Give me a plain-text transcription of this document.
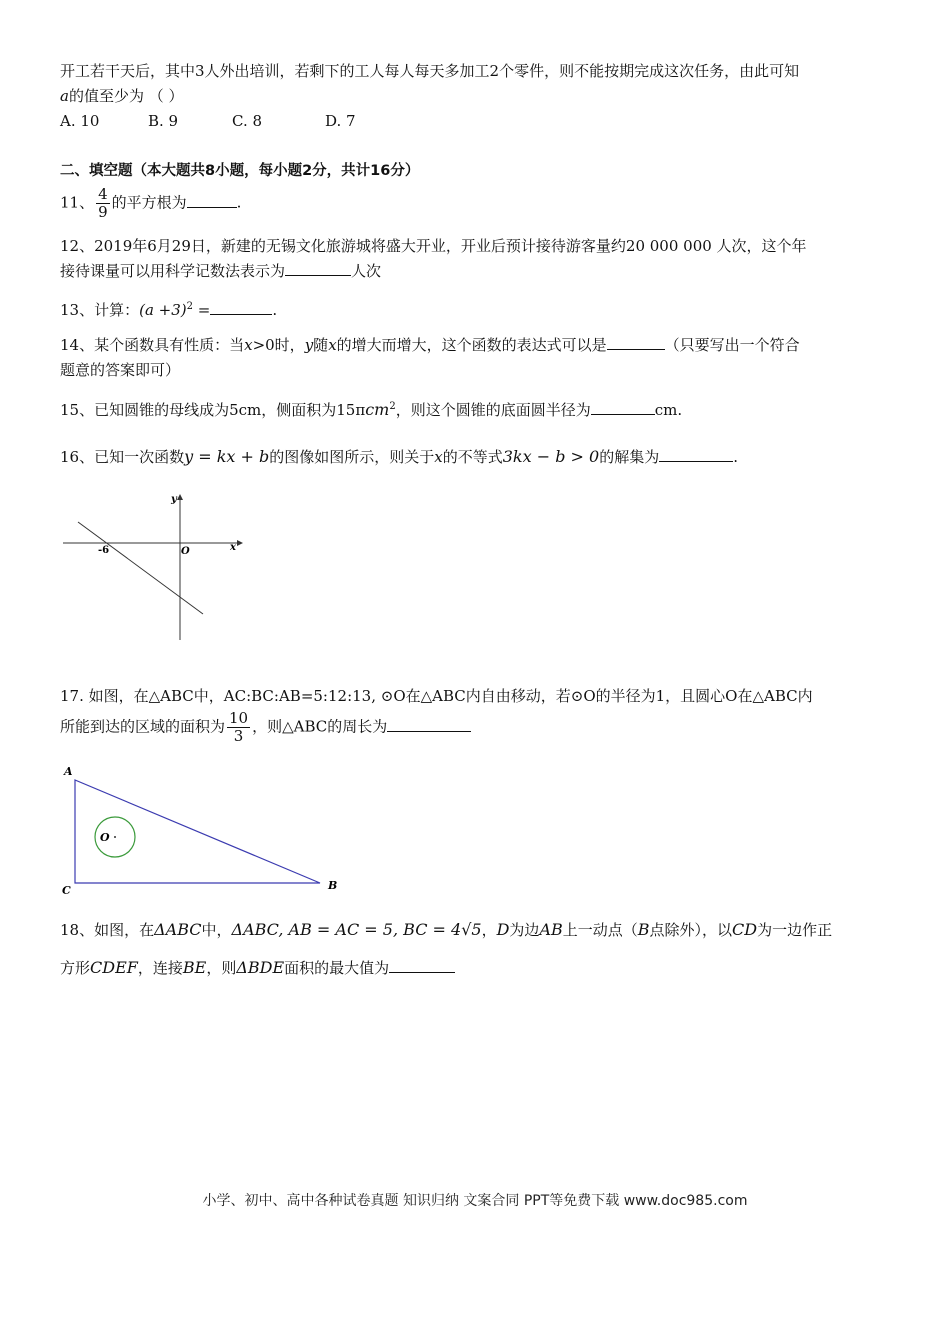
开工若干天后，其中3人外出培训，若剩下的工人每人每天多加工2个零件，则不能按期完成这次任务，由此可知
a的值至少为 （ ）
A. 10	B. 9	C. 8	D. 7
二、填空题（本大题共8小题，每小题2分，共计16分）
11、 $\frac{4}{9}$ 的平方根为	.
12、2019年6月29日，新建的无锡文化旅游城将盛大开业，开业后预计接待游客量约20 000 000 人次，这个年
接待课量可以用科学记数法表示为	人次
13、计算：$(a +3)^2$ =	.
14、某个函数具有性质：当x>0时，y随x的增大而增大，这个函数的表达式可以是	（只要写出一个符合
题意的答案即可）
15、已知圆锥的母线成为5cm，侧面积为15πcm$^2$，则这个圆锥的底面圆半径为	cm.
16、已知一次函数y = kx + b的图像如图所示，则关于x的不等式3kx − b > 0的解集为	.
x
y
O
-6
17. 如图，在△ABC中，AC:BC:AB=5:12:13, ⊙O在△ABC内自由移动，若⊙O的半径为1，且圆心O在△ABC内
所能到达的区域的面积为 $\frac{10}{3}$ ，则△ABC的周长为
A
C	B
O
18、如图，在ΔABC中，ΔABC, AB = AC = 5, BC = 4√5，D为边AB上一动点（B点除外），以CD为一边作正
方形CDEF，连接BE，则ΔBDE面积的最大值为
小学、初中、高中各种试卷真题 知识归纳 文案合同 PPT等免费下载 www.doc985.com
